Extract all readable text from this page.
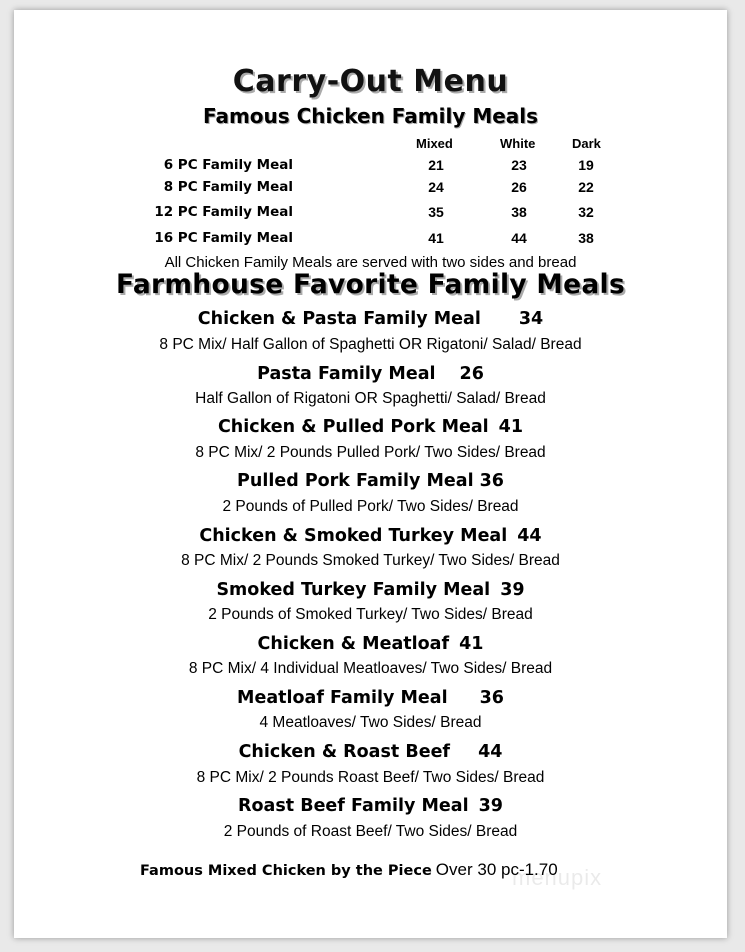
Carry-Out Menu
Famous Chicken Family Meals
Mixed	White	Dark
6 PC Family Meal	21	23	19
8 PC Family Meal	24	26	22
12 PC Family Meal	35	38	32
16 PC Family Meal	41	44	38
All Chicken Family Meals are served with two sides and bread
Farmhouse Favorite Family Meals
Chicken & Pasta Family Meal 34
8 PC Mix/ Half Gallon of Spaghetti OR Rigatoni/ Salad/ Bread
Pasta Family Meal 26
Half Gallon of Rigatoni OR Spaghetti/ Salad/ Bread
Chicken & Pulled Pork Meal 41
8 PC Mix/ 2 Pounds Pulled Pork/ Two Sides/ Bread
Pulled Pork Family Meal 36
2 Pounds of Pulled Pork/ Two Sides/ Bread
Chicken & Smoked Turkey Meal 44
8 PC Mix/ 2 Pounds Smoked Turkey/ Two Sides/ Bread
Smoked Turkey Family Meal 39
2 Pounds of Smoked Turkey/ Two Sides/ Bread
Chicken & Meatloaf 41
8 PC Mix/ 4 Individual Meatloaves/ Two Sides/ Bread
Meatloaf Family Meal 36
4 Meatloaves/ Two Sides/ Bread
Chicken & Roast Beef 44
8 PC Mix/ 2 Pounds Roast Beef/ Two Sides/ Bread
Roast Beef Family Meal 39
2 Pounds of Roast Beef/ Two Sides/ Bread
Famous Mixed Chicken by the Piece Over 30 pc-1.70
menupix
